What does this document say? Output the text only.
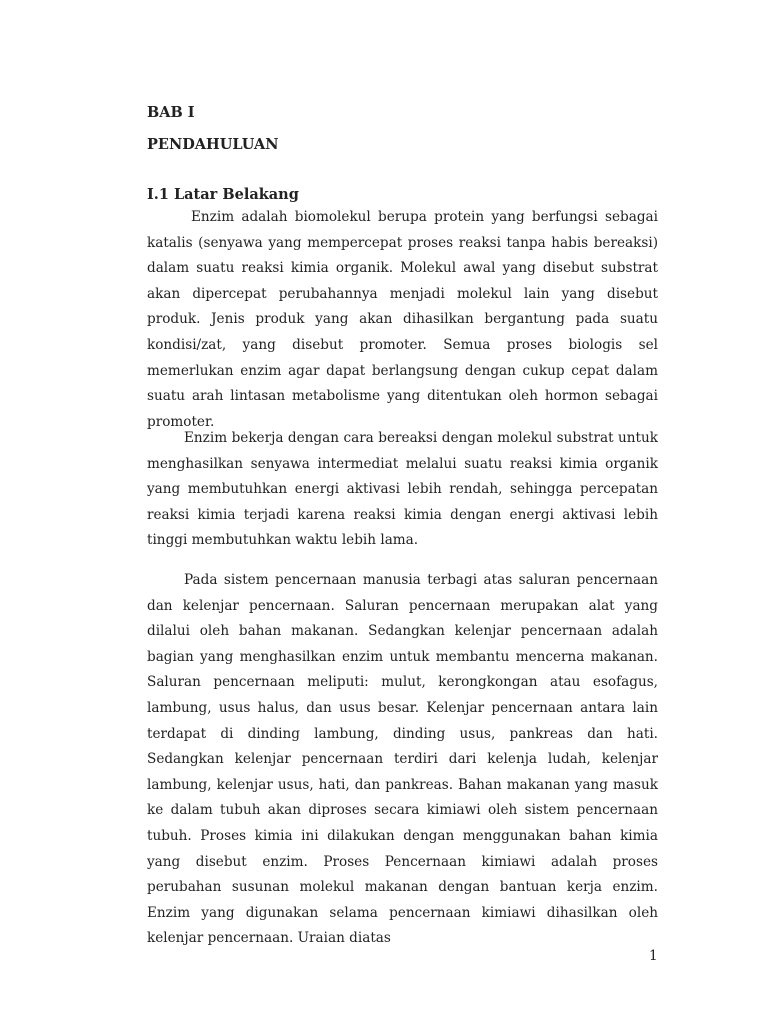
BAB I

PENDAHULUAN

I.1 Latar Belakang

Enzim adalah biomolekul berupa protein yang berfungsi sebagai katalis (senyawa yang mempercepat proses reaksi tanpa habis bereaksi) dalam suatu reaksi kimia organik. Molekul awal yang disebut substrat akan dipercepat perubahannya menjadi molekul lain yang disebut produk. Jenis produk yang akan dihasilkan bergantung pada suatu kondisi/zat, yang disebut promoter. Semua proses biologis sel memerlukan enzim agar dapat berlangsung dengan cukup cepat dalam suatu arah lintasan metabolisme yang ditentukan oleh hormon sebagai promoter.

Enzim bekerja dengan cara bereaksi dengan molekul substrat untuk menghasilkan senyawa intermediat melalui suatu reaksi kimia organik yang membutuhkan energi aktivasi lebih rendah, sehingga percepatan reaksi kimia terjadi karena reaksi kimia dengan energi aktivasi lebih tinggi membutuhkan waktu lebih lama.

Pada sistem pencernaan manusia terbagi atas saluran pencernaan dan kelenjar pencernaan. Saluran pencernaan merupakan alat yang dilalui oleh bahan makanan. Sedangkan kelenjar pencernaan adalah bagian yang menghasilkan enzim untuk membantu mencerna makanan. Saluran pencernaan meliputi: mulut, kerongkongan atau esofagus, lambung, usus halus, dan usus besar. Kelenjar pencernaan antara lain terdapat di dinding lambung, dinding usus, pankreas dan hati. Sedangkan kelenjar pencernaan terdiri dari kelenja ludah, kelenjar lambung, kelenjar usus, hati, dan pankreas. Bahan makanan yang masuk ke dalam tubuh akan diproses secara kimiawi oleh sistem pencernaan tubuh. Proses kimia ini dilakukan dengan menggunakan bahan kimia yang disebut enzim. Proses Pencernaan kimiawi adalah proses perubahan susunan molekul makanan dengan bantuan kerja enzim. Enzim yang digunakan selama pencernaan kimiawi dihasilkan oleh kelenjar pencernaan. Uraian diatas

1
